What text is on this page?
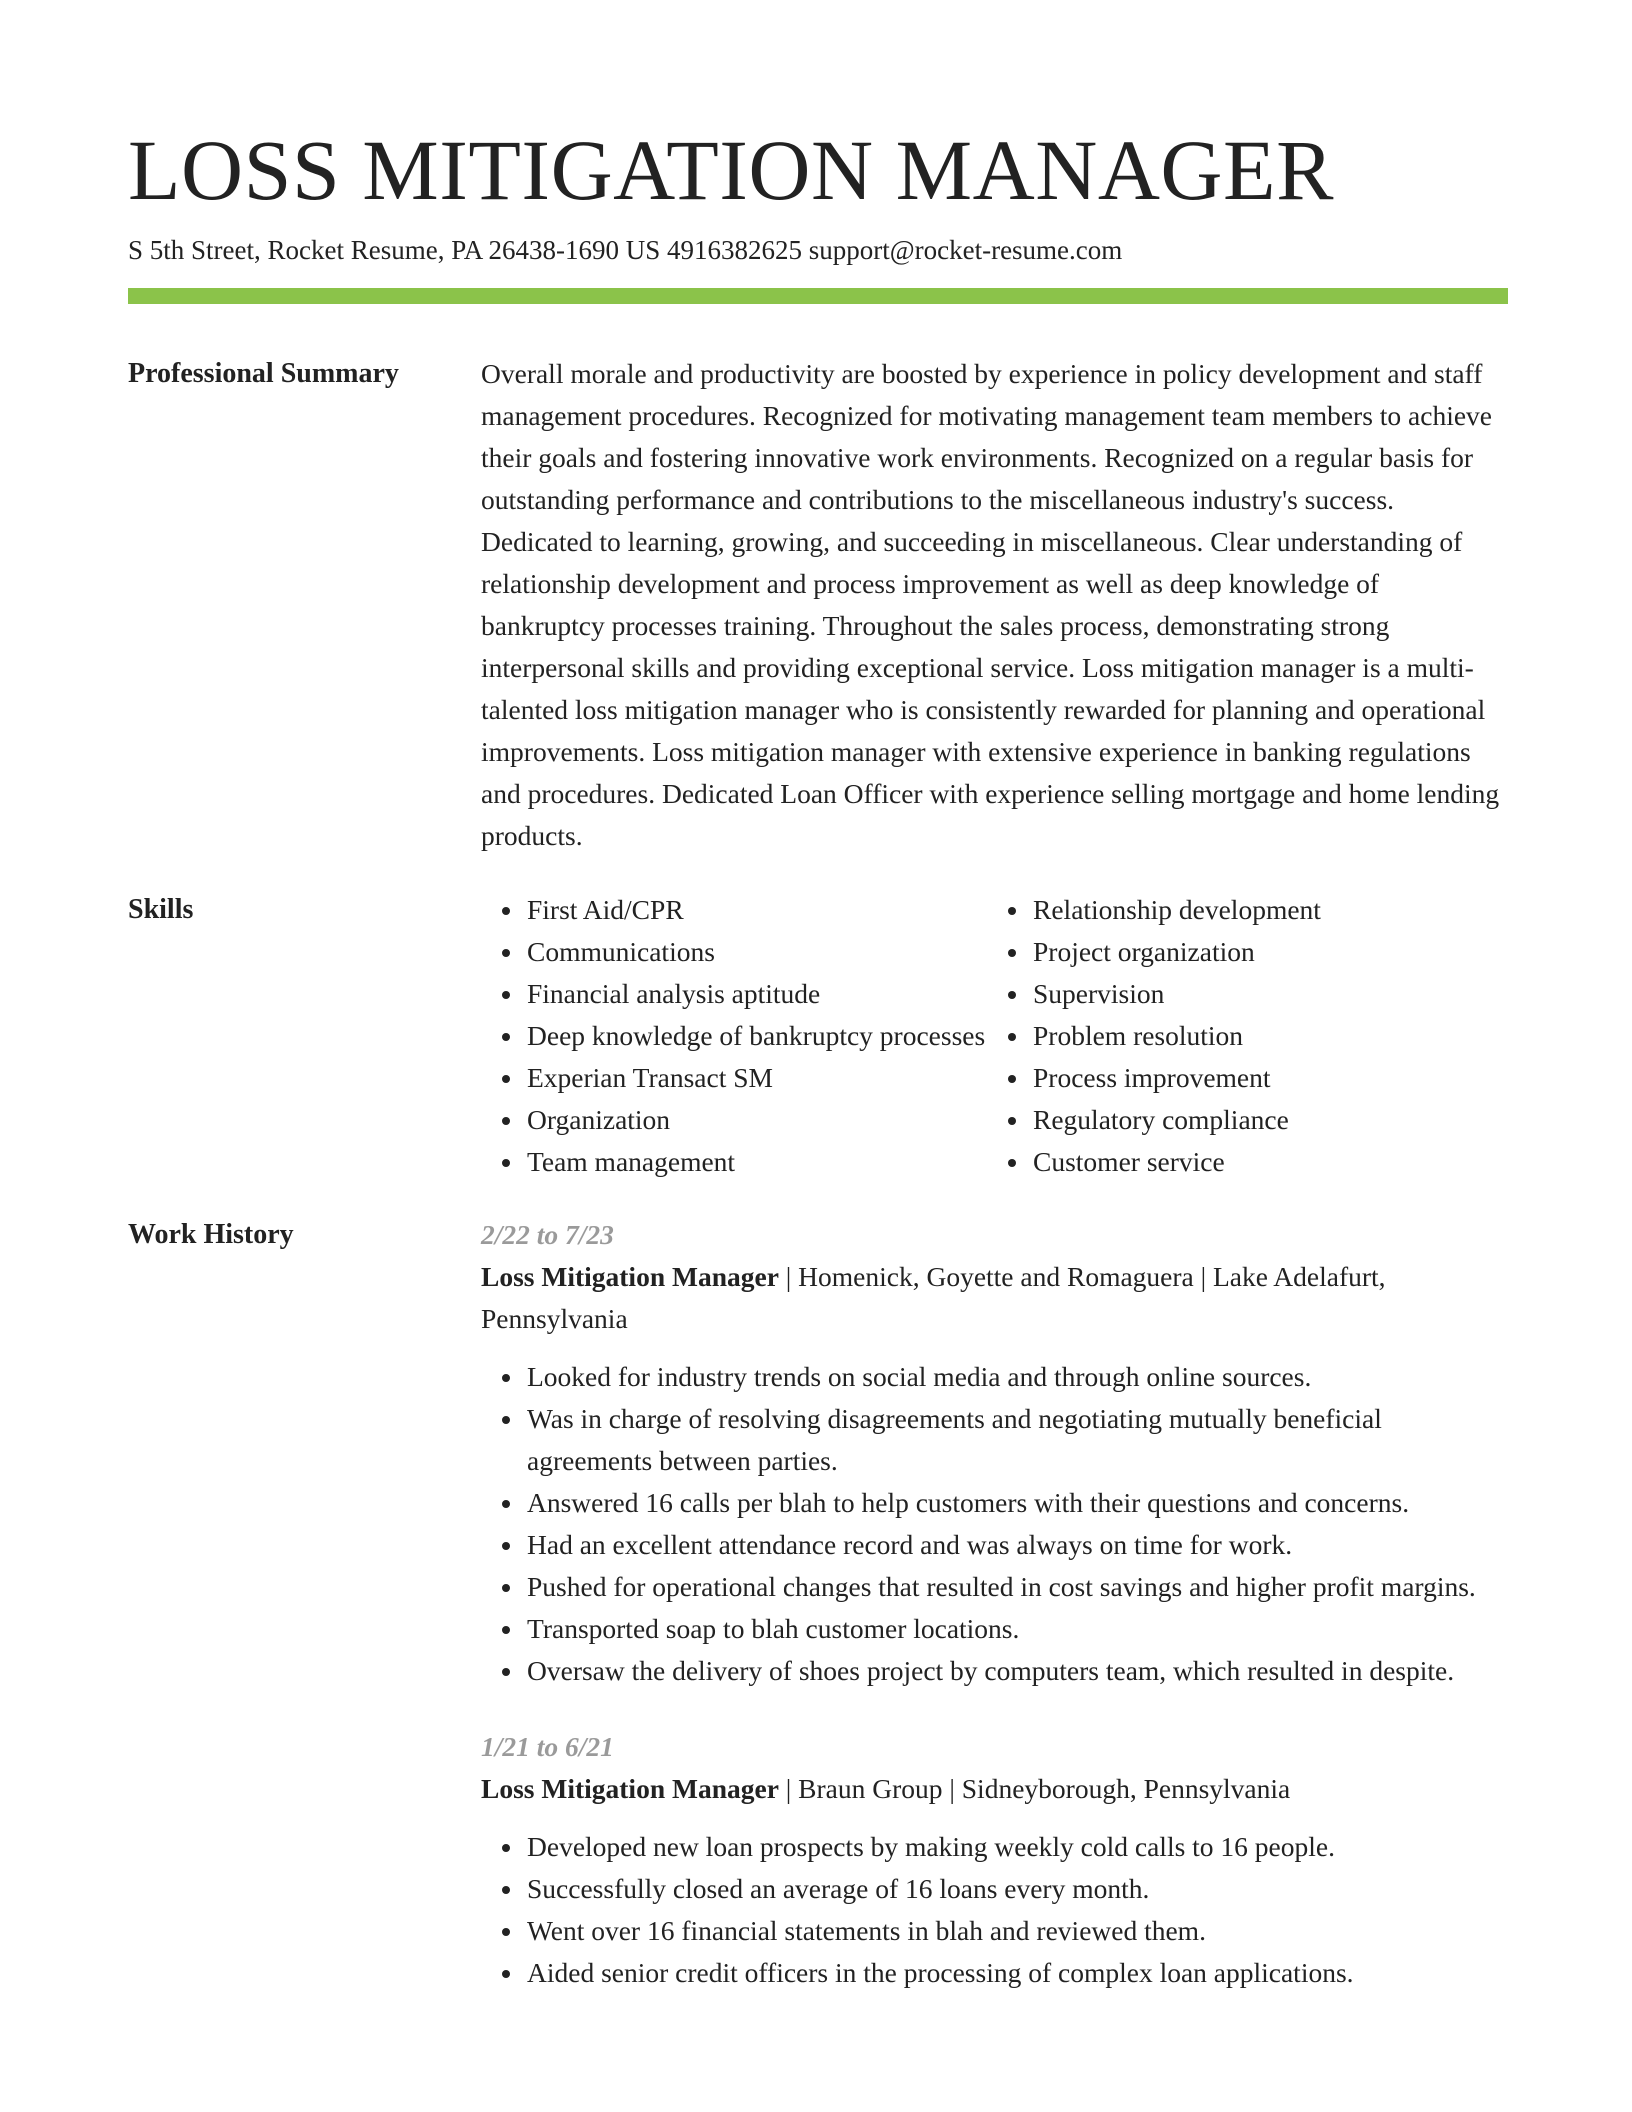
LOSS MITIGATION MANAGER
S 5th Street, Rocket Resume, PA 26438-1690 US 4916382625 support@rocket-resume.com
Professional Summary	Overall morale and productivity are boosted by experience in policy development and staff management procedures. Recognized for motivating management team members to achieve their goals and fostering innovative work environments. Recognized on a regular basis for outstanding performance and contributions to the miscellaneous industry's success. Dedicated to learning, growing, and succeeding in miscellaneous. Clear understanding of relationship development and process improvement as well as deep knowledge of bankruptcy processes training. Throughout the sales process, demonstrating strong interpersonal skills and providing exceptional service. Loss mitigation manager is a multi-talented loss mitigation manager who is consistently rewarded for planning and operational improvements. Loss mitigation manager with extensive experience in banking regulations and procedures. Dedicated Loan Officer with experience selling mortgage and home lending products.

Skills
•	First Aid/CPR
• Communications
• Financial analysis aptitude
• Deep knowledge of bankruptcy processes
• Experian Transact SM
• Organization
• Team management
• Relationship development
• Project organization
• Supervision
• Problem resolution
• Process improvement
• Regulatory compliance
• Customer service
Work History	2/22 to 7/23
Loss Mitigation Manager | Homenick, Goyette and Romaguera | Lake Adelafurt, Pennsylvania
• Looked for industry trends on social media and through online sources.
• Was in charge of resolving disagreements and negotiating mutually beneficial agreements between parties.
• Answered 16 calls per blah to help customers with their questions and concerns.
• Had an excellent attendance record and was always on time for work.
• Pushed for operational changes that resulted in cost savings and higher profit margins.
• Transported soap to blah customer locations.
• Oversaw the delivery of shoes project by computers team, which resulted in despite.
1/21 to 6/21
Loss Mitigation Manager | Braun Group | Sidneyborough, Pennsylvania
• Developed new loan prospects by making weekly cold calls to 16 people.
• Successfully closed an average of 16 loans every month.
• Went over 16 financial statements in blah and reviewed them.
• Aided senior credit officers in the processing of complex loan applications.
